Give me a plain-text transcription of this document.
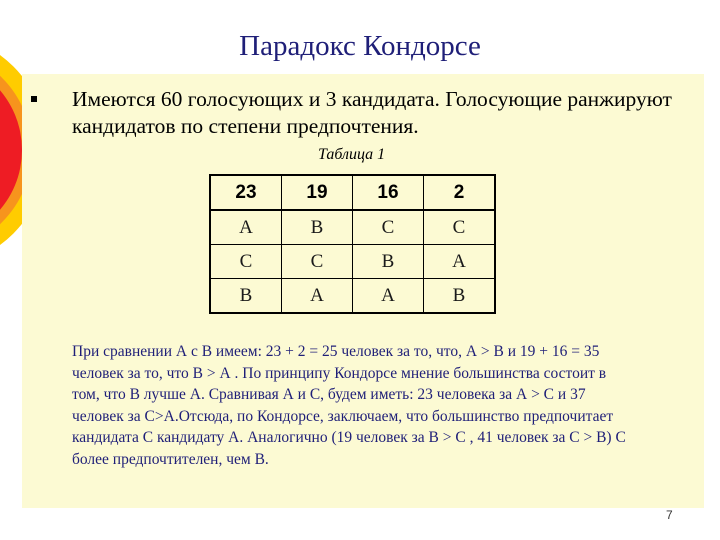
Парадокс Кондорсе
Имеются 60 голосующих и 3 кандидата. Голосующие ранжируют кандидатов по степени предпочтения.
Таблица 1
23	19	16	2
А	В	С	С
С	С	В	А
В	А	А	В
При сравнении А с В имеем: 23 + 2 = 25 человек за то, что, А > В и 19 + 16 = 35 человек за то, что В > А . По принципу Кондорсе мнение большинства состоит в том, что В лучше А. Сравнивая А и С, будем иметь: 23 человека за А > С и 37 человек за С>А.Отсюда, по Кондорсе, заключаем, что большинство предпочитает кандидата С кандидату А. Аналогично (19 человек за В > С , 41 человек за С > В) С более предпочтителен, чем В.
7
